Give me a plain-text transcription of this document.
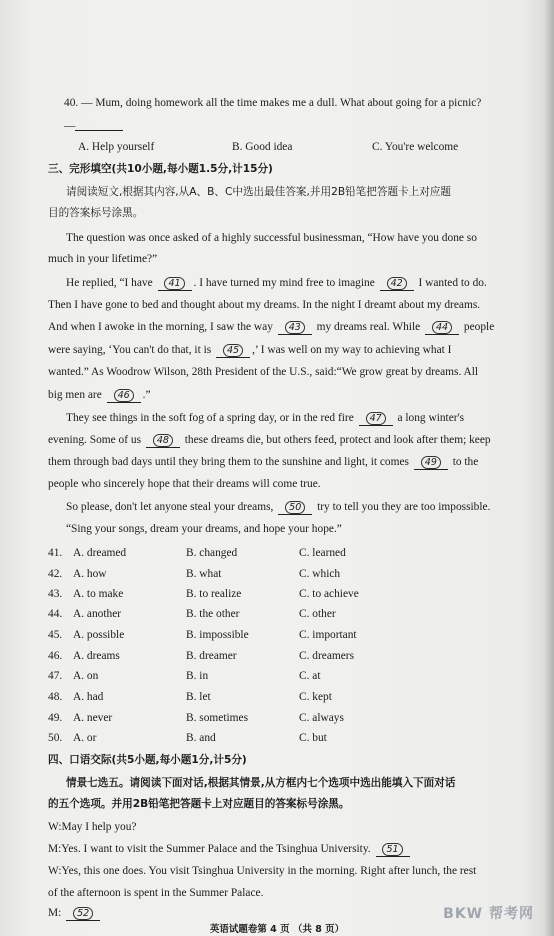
40. — Mum, doing homework all the time makes me a dull. What about going for a picnic?
—
A. Help yourself	B. Good idea	C. You're welcome
三、完形填空(共10小题,每小题1.5分,计15分)
请阅读短文,根据其内容,从A、B、C中选出最佳答案,并用2B铅笔把答题卡上对应题
目的答案标号涂黑。
The question was once asked of a highly successful businessman, “How have you done so
much in your lifetime?”
He replied, “I have 41 . I have turned my mind free to imagine 42 I wanted to do.
Then I have gone to bed and thought about my dreams. In the night I dreamt about my dreams.
And when I awoke in the morning, I saw the way 43 my dreams real. While 44 people
were saying, ‘You can't do that, it is 45 ,’ I was well on my way to achieving what I
wanted.” As Woodrow Wilson, 28th President of the U.S., said:“We grow great by dreams. All
big men are 46 .”
They see things in the soft fog of a spring day, or in the red fire 47 a long winter's
evening. Some of us 48 these dreams die, but others feed, protect and look after them; keep
them through bad days until they bring them to the sunshine and light, it comes 49 to the
people who sincerely hope that their dreams will come true.
So please, don't let anyone steal your dreams, 50 try to tell you they are too impossible.
“Sing your songs, dream your dreams, and hope your hope.”
41. A. dreamed	B. changed	C. learned
42. A. how	B. what	C. which
43. A. to make	B. to realize	C. to achieve
44. A. another	B. the other	C. other
45. A. possible	B. impossible	C. important
46. A. dreams	B. dreamer	C. dreamers
47. A. on	B. in	C. at
48. A. had	B. let	C. kept
49. A. never	B. sometimes	C. always
50. A. or	B. and	C. but
四、口语交际(共5小题,每小题1分,计5分)
情景七选五。请阅读下面对话,根据其情景,从方框内七个选项中选出能填入下面对话
的五个选项。并用2B铅笔把答题卡上对应题目的答案标号涂黑。
W:May I help you?
M:Yes. I want to visit the Summer Palace and the Tsinghua University. 51
W:Yes, this one does. You visit Tsinghua University in the morning. Right after lunch, the rest
of the afternoon is spent in the Summer Palace.
M: 52
英语试题卷第 4 页 （共 8 页）
BKW 帮考网
